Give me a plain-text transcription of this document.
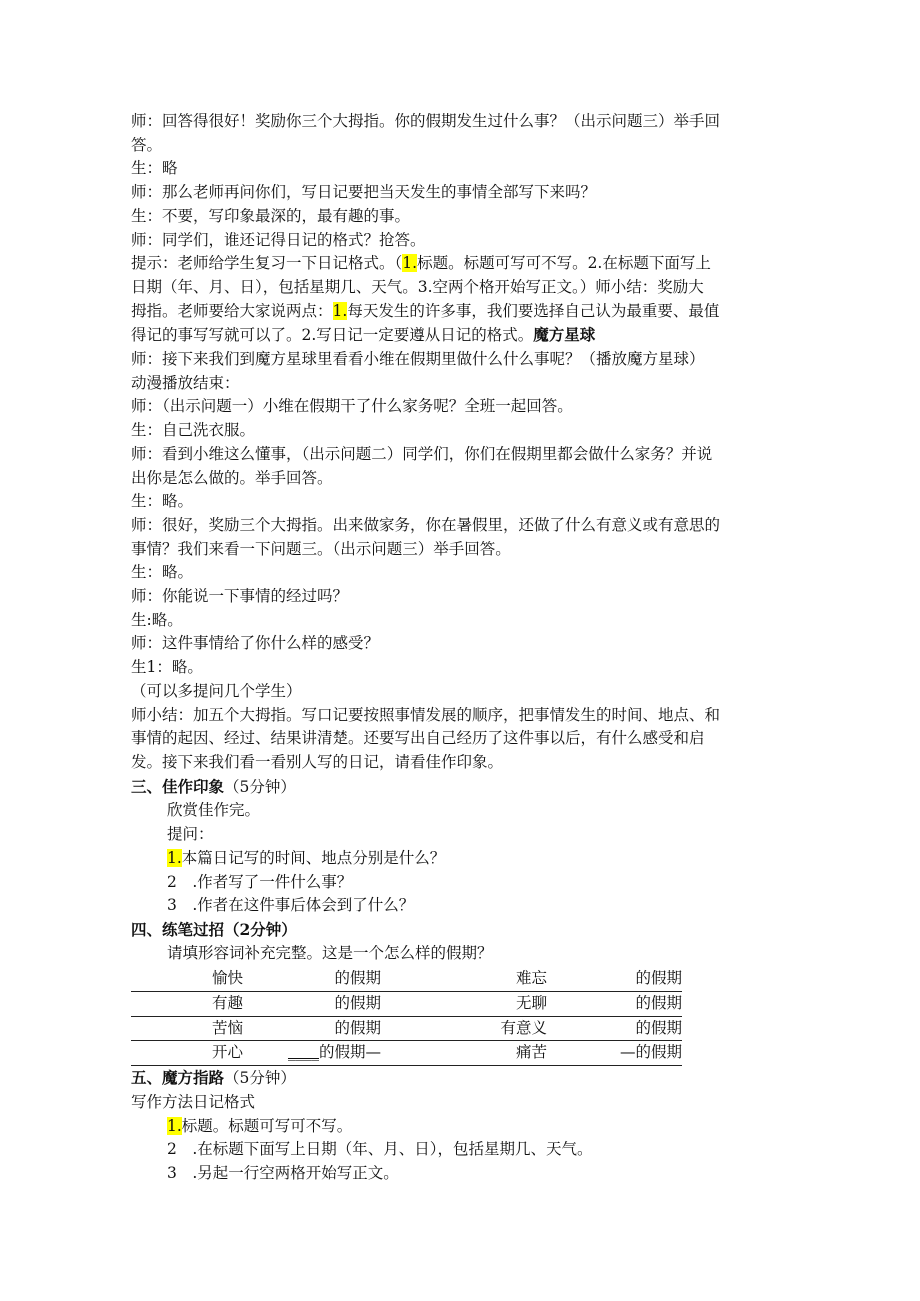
师：回答得很好！奖励你三个大拇指。你的假期发生过什么事？（出示问题三）举手回
答。
生：略
师：那么老师再问你们，写日记要把当天发生的事情全部写下来吗？
生：不要，写印象最深的，最有趣的事。
师：同学们，谁还记得日记的格式？抢答。
提示：老师给学生复习一下日记格式。（1.标题。标题可写可不写。2.在标题下面写上
日期（年、月、日），包括星期几、天气。3.空两个格开始写正文。）师小结：奖励大
拇指。老师要给大家说两点：1.每天发生的许多事，我们要选择自己认为最重要、最值
得记的事写写就可以了。2.写日记一定要遵从日记的格式。魔方星球
师：接下来我们到魔方星球里看看小维在假期里做什么什么事呢？（播放魔方星球）
动漫播放结束：
师：（出示问题一）小维在假期干了什么家务呢？全班一起回答。
生：自己洗衣服。
师：看到小维这么懂事，（出示问题二）同学们，你们在假期里都会做什么家务？并说
出你是怎么做的。举手回答。
生：略。
师：很好，奖励三个大拇指。出来做家务，你在暑假里，还做了什么有意义或有意思的
事情？我们来看一下问题三。（出示问题三）举手回答。
生：略。
师：你能说一下事情的经过吗？
生:略。
师：这件事情给了你什么样的感受？
生1：略。
（可以多提问几个学生）
师小结：加五个大拇指。写口记要按照事情发展的顺序，把事情发生的时间、地点、和
事情的起因、经过、结果讲清楚。还要写出自己经历了这件事以后，有什么感受和启
发。接下来我们看一看别人写的日记，请看佳作印象。
三、佳作印象（5分钟）
欣赏佳作完。
提问：
1.本篇日记写的时间、地点分别是什么？
2　.作者写了一件什么事？
3　.作者在这件事后体会到了什么？
四、练笔过招（2分钟）
请填形容词补充完整。这是一个怎么样的假期？
愉快	的假期	难忘	的假期
有趣	的假期	无聊	的假期
苦恼	的假期	有意义	的假期
开心	____的假期—	痛苦	—的假期
五、魔方指路（5分钟）
写作方法日记格式
1.标题。标题可写可不写。
2　.在标题下面写上日期（年、月、日），包括星期几、天气。
3　.另起一行空两格开始写正文。
